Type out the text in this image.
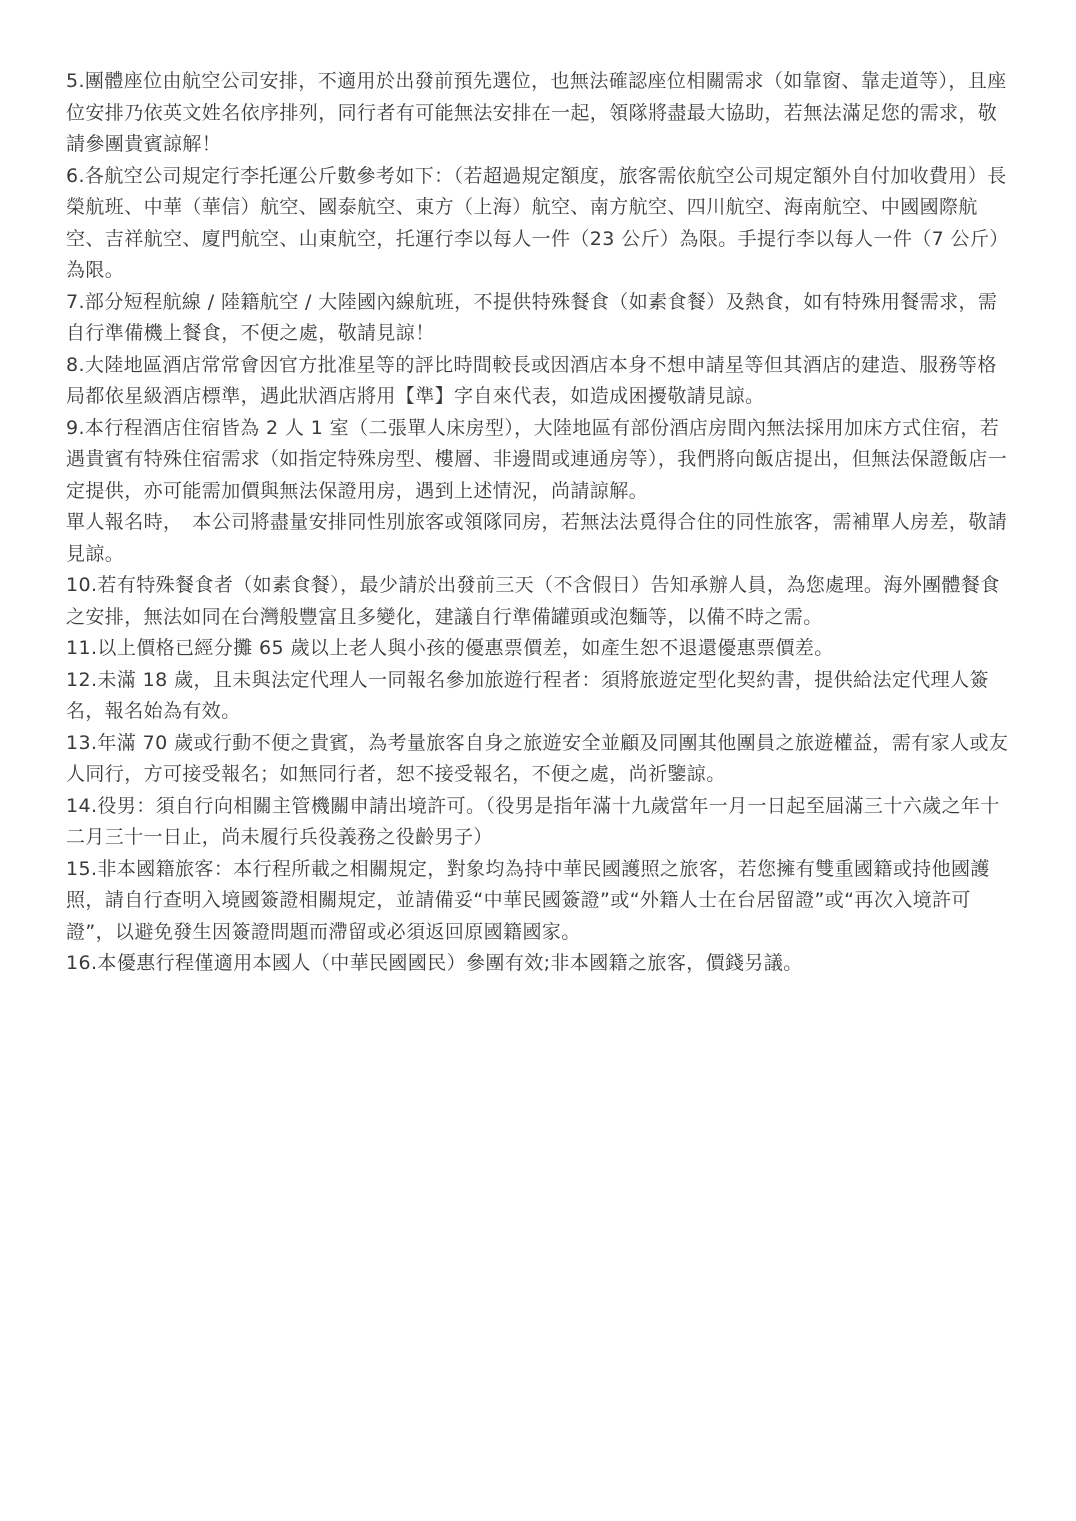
5.團體座位由航空公司安排，不適用於出發前預先選位，也無法確認座位相關需求（如靠窗、靠走道等），且座位安排乃依英文姓名依序排列，同行者有可能無法安排在一起，領隊將盡最大協助，若無法滿足您的需求，敬請參團貴賓諒解！

6.各航空公司規定行李托運公斤數參考如下：（若超過規定額度，旅客需依航空公司規定額外自付加收費用）長榮航班、中華（華信）航空、國泰航空、東方（上海）航空、南方航空、四川航空、海南航空、中國國際航空、吉祥航空、廈門航空、山東航空，托運行李以每人一件（23 公斤）為限。手提行李以每人一件（7 公斤）為限。

7.部分短程航線 / 陸籍航空 / 大陸國內線航班，不提供特殊餐食（如素食餐）及熱食，如有特殊用餐需求，需自行準備機上餐食，不便之處，敬請見諒！

8.大陸地區酒店常常會因官方批准星等的評比時間較長或因酒店本身不想申請星等但其酒店的建造、服務等格局都依星級酒店標準，遇此狀酒店將用【準】字自來代表，如造成困擾敬請見諒。

9.本行程酒店住宿皆為 2 人 1 室（二張單人床房型），大陸地區有部份酒店房間內無法採用加床方式住宿，若遇貴賓有特殊住宿需求（如指定特殊房型、樓層、非邊間或連通房等），我們將向飯店提出，但無法保證飯店一定提供，亦可能需加價與無法保證用房，遇到上述情況，尚請諒解。

單人報名時，　本公司將盡量安排同性別旅客或領隊同房，若無法法覓得合住的同性旅客，需補單人房差，敬請見諒。

10.若有特殊餐食者（如素食餐），最少請於出發前三天（不含假日）告知承辦人員，為您處理。海外團體餐食之安排，無法如同在台灣般豐富且多變化，建議自行準備罐頭或泡麵等，以備不時之需。

11.以上價格已經分攤 65 歲以上老人與小孩的優惠票價差，如產生恕不退還優惠票價差。

12.未滿 18 歲，且未與法定代理人一同報名參加旅遊行程者：須將旅遊定型化契約書，提供給法定代理人簽名，報名始為有效。

13.年滿 70 歲或行動不便之貴賓，為考量旅客自身之旅遊安全並顧及同團其他團員之旅遊權益，需有家人或友人同行，方可接受報名；如無同行者，恕不接受報名，不便之處，尚祈鑒諒。

14.役男：須自行向相關主管機關申請出境許可。（役男是指年滿十九歲當年一月一日起至屆滿三十六歲之年十二月三十一日止，尚未履行兵役義務之役齡男子）

15.非本國籍旅客：本行程所載之相關規定，對象均為持中華民國護照之旅客，若您擁有雙重國籍或持他國護照，請自行查明入境國簽證相關規定，並請備妥“中華民國簽證”或“外籍人士在台居留證”或“再次入境許可證”，以避免發生因簽證問題而滯留或必須返回原國籍國家。

16.本優惠行程僅適用本國人（中華民國國民）參團有效;非本國籍之旅客，價錢另議。
